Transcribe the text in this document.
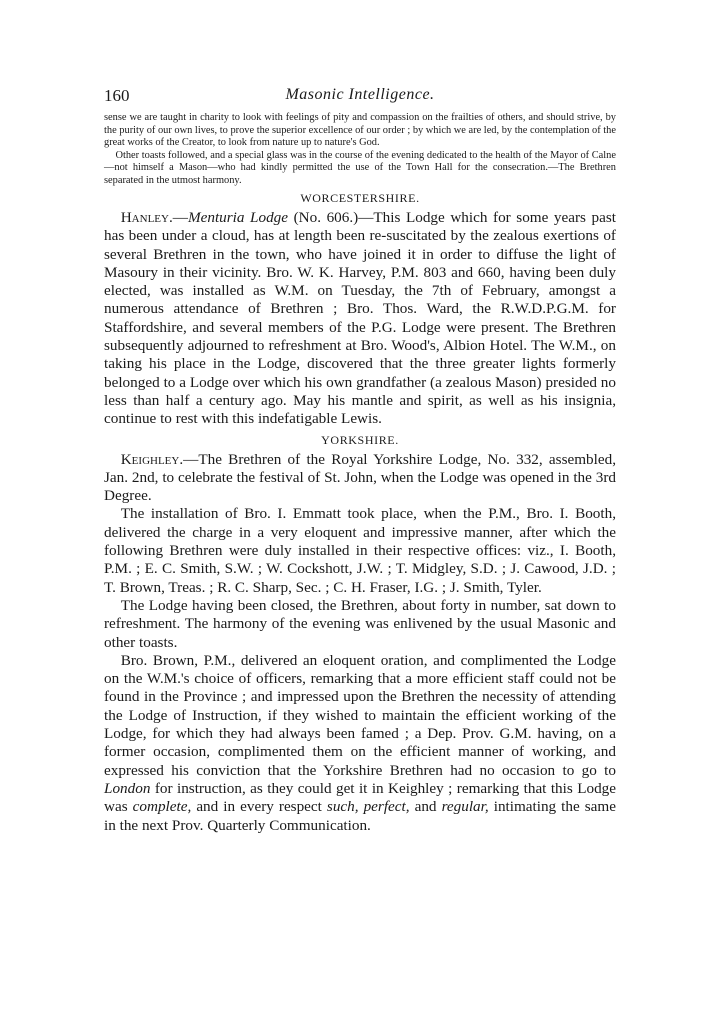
160	Masonic Intelligence.

sense we are taught in charity to look with feelings of pity and compassion on the frailties of others, and should strive, by the purity of our own lives, to prove the superior excellence of our order ; by which we are led, by the contemplation of the great works of the Creator, to look from nature up to nature's God.

Other toasts followed, and a special glass was in the course of the evening dedicated to the health of the Mayor of Calne—not himself a Mason—who had kindly permitted the use of the Town Hall for the consecration.—The Brethren separated in the utmost harmony.

WORCESTERSHIRE.

Hanley.—Menturia Lodge (No. 606.)—This Lodge which for some years past has been under a cloud, has at length been re-suscitated by the zealous exertions of several Brethren in the town, who have joined it in order to diffuse the light of Masoury in their vicinity. Bro. W. K. Harvey, P.M. 803 and 660, having been duly elected, was installed as W.M. on Tuesday, the 7th of February, amongst a numerous attendance of Brethren ; Bro. Thos. Ward, the R.W.D.P.G.M. for Staffordshire, and several members of the P.G. Lodge were present. The Brethren subsequently adjourned to refreshment at Bro. Wood's, Albion Hotel. The W.M., on taking his place in the Lodge, discovered that the three greater lights formerly belonged to a Lodge over which his own grandfather (a zealous Mason) presided no less than half a century ago. May his mantle and spirit, as well as his insignia, continue to rest with this indefatigable Lewis.

YORKSHIRE.

Keighley.—The Brethren of the Royal Yorkshire Lodge, No. 332, assembled, Jan. 2nd, to celebrate the festival of St. John, when the Lodge was opened in the 3rd Degree.

The installation of Bro. I. Emmatt took place, when the P.M., Bro. I. Booth, delivered the charge in a very eloquent and impressive manner, after which the following Brethren were duly installed in their respective offices: viz., I. Booth, P.M. ; E. C. Smith, S.W. ; W. Cockshott, J.W. ; T. Midgley, S.D. ; J. Cawood, J.D. ; T. Brown, Treas. ; R. C. Sharp, Sec. ; C. H. Fraser, I.G. ; J. Smith, Tyler.

The Lodge having been closed, the Brethren, about forty in number, sat down to refreshment. The harmony of the evening was enlivened by the usual Masonic and other toasts.

Bro. Brown, P.M., delivered an eloquent oration, and complimented the Lodge on the W.M.'s choice of officers, remarking that a more efficient staff could not be found in the Province ; and impressed upon the Brethren the necessity of attending the Lodge of Instruction, if they wished to maintain the efficient working of the Lodge, for which they had always been famed ; a Dep. Prov. G.M. having, on a former occasion, complimented them on the efficient manner of working, and expressed his conviction that the Yorkshire Brethren had no occasion to go to London for instruction, as they could get it in Keighley ; remarking that this Lodge was complete, and in every respect such, perfect, and regular, intimating the same in the next Prov. Quarterly Communication.
